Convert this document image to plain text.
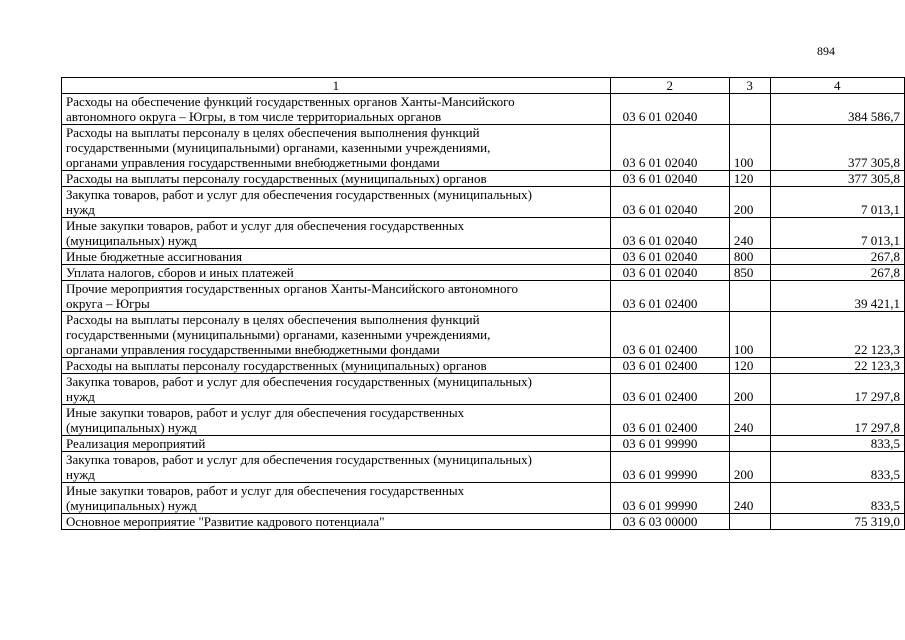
894
1	2	3	4

Расходы на обеспечение функций государственных органов Ханты-Мансийского
автономного округа – Югры, в том числе территориальных органов	03 6 01 02040		384 586,7

Расходы на выплаты персоналу в целях обеспечения выполнения функций
государственными (муниципальными) органами, казенными учреждениями,
органами управления государственными внебюджетными фондами	03 6 01 02040	100	377 305,8

Расходы на выплаты персоналу государственных (муниципальных) органов	03 6 01 02040	120	377 305,8

Закупка товаров, работ и услуг для обеспечения государственных (муниципальных)
нужд	03 6 01 02040	200	7 013,1

Иные закупки товаров, работ и услуг для обеспечения государственных
(муниципальных) нужд	03 6 01 02040	240	7 013,1

Иные бюджетные ассигнования	03 6 01 02040	800	267,8

Уплата налогов, сборов и иных платежей	03 6 01 02040	850	267,8

Прочие мероприятия государственных органов Ханты-Мансийского автономного
округа – Югры	03 6 01 02400		39 421,1

Расходы на выплаты персоналу в целях обеспечения выполнения функций
государственными (муниципальными) органами, казенными учреждениями,
органами управления государственными внебюджетными фондами	03 6 01 02400	100	22 123,3

Расходы на выплаты персоналу государственных (муниципальных) органов	03 6 01 02400	120	22 123,3

Закупка товаров, работ и услуг для обеспечения государственных (муниципальных)
нужд	03 6 01 02400	200	17 297,8

Иные закупки товаров, работ и услуг для обеспечения государственных
(муниципальных) нужд	03 6 01 02400	240	17 297,8

Реализация мероприятий	03 6 01 99990		833,5

Закупка товаров, работ и услуг для обеспечения государственных (муниципальных)
нужд	03 6 01 99990	200	833,5

Иные закупки товаров, работ и услуг для обеспечения государственных
(муниципальных) нужд	03 6 01 99990	240	833,5

Основное мероприятие "Развитие кадрового потенциала"	03 6 03 00000		75 319,0
